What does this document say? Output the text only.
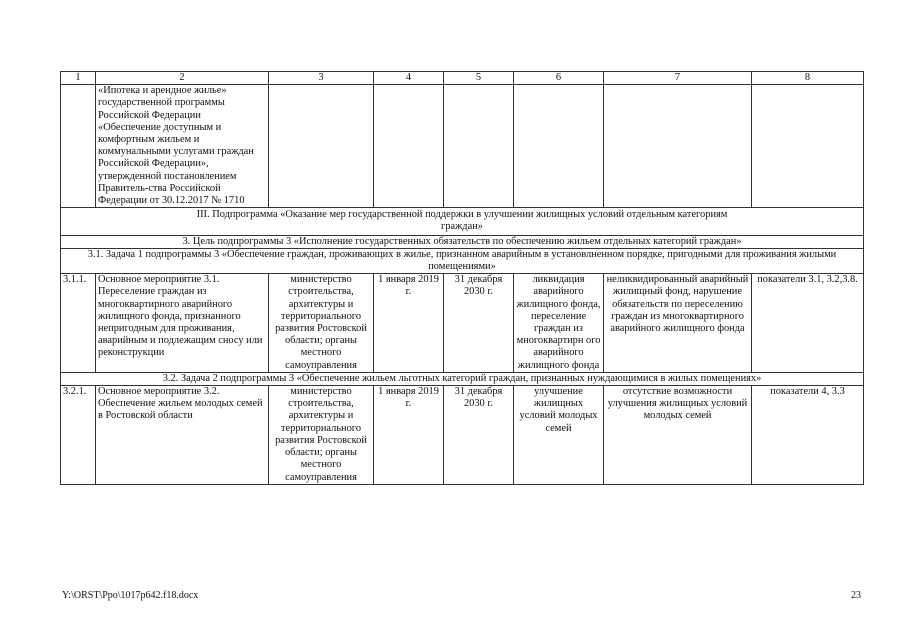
1	2	3	4	5	6	7	8
	«Ипотека и арендное жилье» государственной программы Российской Федерации «Обеспечение доступным и комфортным жильем и коммунальными услугами граждан Российской Федерации», утвержденной постановлением Правитель-ства Российской Федерации от 30.12.2017 № 1710						
III. Подпрограмма «Оказание мер государственной поддержки в улучшении жилищных условий отдельным категориям граждан»							
3. Цель подпрограммы 3 «Исполнение государственных обязательств по обеспечению жильем отдельных категорий граждан»							
3.1. Задача 1 подпрограммы 3 «Обеспечение граждан, проживающих в жилье, признанном аварийным в установлненном порядке, пригодными для проживания жилыми помещениями»							
3.1.1.	Основное мероприятие 3.1. Переселение граждан из многоквартирного аварийного жилищного фонда, признанного непригодным для проживания, аварийным и подлежащим сносу или реконструкции	министерство строительства, архитектуры и территориального развития Ростовской области; органы местного самоуправления	1 января 2019 г.	31 декабря 2030 г.	ликвидация аварийного жилищного фонда, переселение граждан из многоквартирн ого аварийного жилищного фонда	неликвидированный аварийный жилищный фонд, нарушение обязательств по переселению граждан из многоквартирного аварийного жилищного фонда	показатели 3.1, 3.2,3.8.
3.2. Задача 2 подпрограммы 3 «Обеспечение жильем льготных категорий граждан, признанных нуждающимися в жилых помещениях»							
3.2.1.	Основное мероприятие 3.2. Обеспечение жильем молодых семей в Ростовской области	министерство строительства, архитектуры и территориального развития Ростовской области; органы местного самоуправления	1 января 2019 г.	31 декабря 2030 г.	улучшение жилищных условий молодых семей	отсутствие возможности улучшения жилищных условий молодых семей	показатели 4, 3.3
Y:\ORST\Ppo\1017p642.f18.docx	23
